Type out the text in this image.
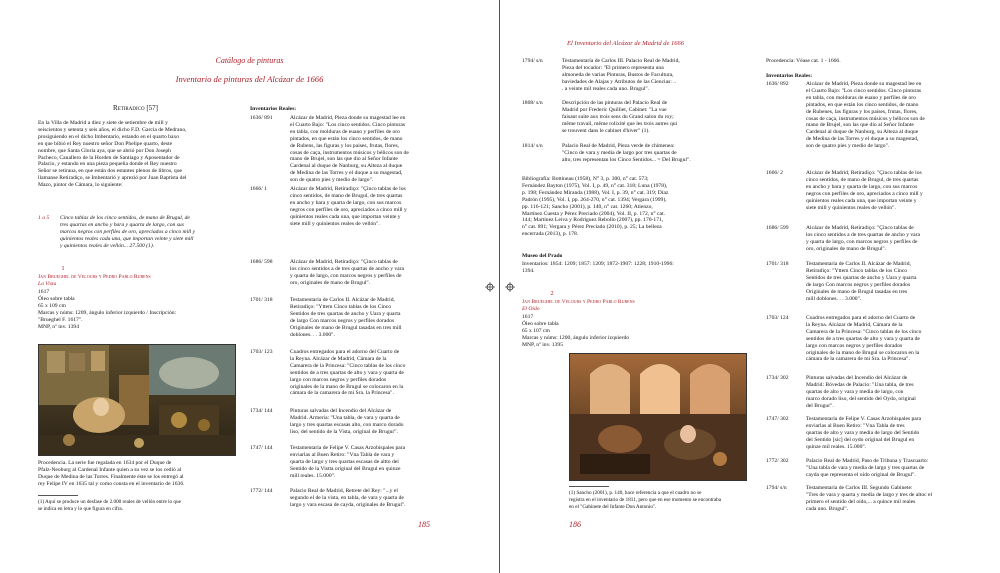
Catálogo de pinturas
Inventario de pinturas del Alcázar de 1666
Retiradico [57]
En la Villa de Madrid a diez y siete de setiembre de mill y
seiscientos y setenta y seis años, el dicho F.D. Garcia de Medrano,
prosiguiendo en el dicho Imbentario, estando en el quarto baxo
en que bibió el Rey nuestro señor Don Phelipe quarto, deste
nombre, que Santa Gloria aya, que se abrió por Don Joseph
Pacheco, Cauallero de la Horden de Santiago y Aposentador de
Palacio, y estando en una pieza pequeña donde el Rey nuestro
Señor se retiraua, en que están dos estantes plenos de libros, que
llamanse Retiradiço, se Imbentarió y aprezió por Juan Baptista del
Mazo, pintor de Cámara, lo siguiente:
1 a 5 Cinco tablas de los cinco sentidos, de mano de Brugul, de
tres quartas en ancho y bara y quarta de largo, con sus
marcos negros con perfiles de oro, apreciados a cinco mill y
quinientos reales cada una, que importan veinte y siete mill
y quinientos reales de vellón... 27.500 (1).
1
Jan Brueghel de Velours y Pedro Pablo Rubens
La Vista
1617
Óleo sobre tabla
65 x 109 cm
Marcas y núms: 1209, ángulo inferior izquierdo / Inscripción:
"Brueghel F. 1617".
MNP, nº inv. 1394
Procedencia. La serie fue regalada en 1634 por el Duque de
Pfalz-Neoburg al Cardenal Infante quien a su vez se los cedió al
Duque de Medina de las Torres. Finalmente éste se los entregó al
rey Felipe IV en 1635 tal y como consta en el inventario de 1636.
(1) Aquí se produce un desfase de 2.000 reales de vellón entre lo que
se indica en letra y lo que figura en cifra.
Inventarios Reales:
1636/ 891	Alcázar de Madrid, Pieza donde su magestad lee en
el Cuarto Bajo: "Los cinco sentidos. Cinco pinturas
en tabla, con molduras de euano y perfiles de oro
pintados, en que están los cinco sentidos, de mano
de Rubens, las figuras y los paises, frutas, flores,
cosas de caça, instrumentos músicos y bélicos son de
mano de Brujel, son las que dio al Señor Infante
Cardenal al duque de Nanburg, su Alteza al duque
de Medina de las Torres y el duque a su magestad,
son de quatro pies y medio de largo".
1666/ 1	Alcázar de Madrid, Retiradiço: "Çinco tablas de los
cinco sentidos, de mano de Brugul, de tres quartas
en ancho y bara y quarta de largo, con sus marcos
negros con perfiles de oro, apreciados a cinco mill y
quinientos reales cada una, que importan veinte y
siete mill y quinientos reales de vellón".
1686/ 598	Alcázar de Madrid, Retiradiço: "Çinco tablas de
los cinco sentidos a de tres quartas de ancho y vara
y quarta de largo, con marcos negros y perfiles de
oro, originales de mano de Brugul".
1701/ 318	Testamentaría de Carlos II. Alcázar de Madrid,
Retiradiço: "Yttem Cinco tablas de los Cinco
Sentidos de tres quartas de ancho y Uara y quarta
de largo Con marcos negros y perfiles dorados
Originales de mano de Brugul tasadas en tres mill
doblones. . . 3.000".
1703/ 123	Cuadros entregados para el adorno del Cuarto de
la Reyna. Alcázar de Madrid, Cámara de la
Camarera de la Princesa: "Cinco tablas de los cinco
sentidos de a tres quartas de alto y vara y quarta de
largo con marcos negros y perfiles dorados
originales de la mano de Brugul se colocaron en la
cámara de la camarera de mi Sra. la Princesa".
1734/ 144	Pinturas salvadas del Incendio del Alcázar de
Madrid. Armería: "Una tabla, de vara y quarta de
largo y tres quartas escasas alto, con marco dorado
liso, del sentido de la Vista, original de Brugur".
1747/ 144	Testamentaría de Felipe V. Casas Arzobispales para
enviarlas al Buen Retiro: "Vna Tabla de vara y
quarta de largo y tres quartas escasas de altto del
Sentido de la Vistta original del Brugul en quinze
mill reales. 15.000".
1772/ 144	Palacio Real de Madrid, Retrete del Rey: "...y el
segundo el de la vista, en tabla, de vara y quarta de
largo y vara escasa de cayda, originales de Brugul".
185
El Inventario del Alcázar de Madrid de 1666
1794/ s/n	Testamentaría de Carlos III. Palacio Real de Madrid,
Pieza del tocador: "El primero representa una
almoneda de varias Pinturas, Bustos de Facultura,
baviedades de Alajas y Atributos de las Ciencias: ..
. a veinte mil reales cada uno. Brugul".
1808/ s/n	Descripción de las pinturas del Palacio Real de
Madrid por Frederic Quilliet, Cabinet: "La vue
faisant suite aux trois sens du Grand salon du roy;
même travail, même rolixité que les trois autres qui
se trouvent dans le cabinet d'hiver" (1).
1814/ s/n	Palacio Real de Madrid, Pieza verde de chimenea:
"Cinco de vara y media de largo por tres quartas de
alto, tres representan los Cinco Sentidos... = Del Brugul".
Bibliografía: Bottineau (1958), N° 3, p. 300, n° cat. 573;
Fernández Bayton (1975), Vol. I, p. 49, n° cat. 318; Luna (1978),
p. 198; Fernández Miranda (1988), Vol. I, p. 39, n° cat. 319; Díaz
Padrón (1995), Vol. I, pp. 264-270, n° cat. 1394; Vergara (1999),
pp. 116-121; Sancho (2001), p. 140, n° cat. 1260; Atienzo,
Martínez Cuesta y Pérez Preciado (2004), Vol. II, p. 172, n° cat.
144; Martínez Leiva y Rodríguez Rebollo (2007), pp. 170-171,
n° cat. 891; Vergara y Pérez Preciado (2010), p. 25; La belleza
encerrada (2013), p. 178.
Museo del Prado
Inventarios: 1854: 1209; 1857: 1209; 1872-1907: 1228; 1910-1996:
1394.
2
Jan Brueghel de Velours y Pedro Pablo Rubens
El Oído
1617
Óleo sobre tabla
65 x 107 cm
Marcas y núms: 1200, ángulo inferior izquierdo
MNP, nº inv. 1395
(1) Sancho (2001), p. 140, hace referencia a que el cuadro no se
registra en el inventario de 1811, pero que en ese momento se encontraba
en el "Gabinete del Infante Don Antonio".
Procedencia: Véase cat. 1 - 1666.
Inventarios Reales:
1636/ 892	Alcázar de Madrid, Pieza donde su magestad lee en
el Cuarto Bajo: "Los cinco sentidos. Cinco pinturas
en tabla, con molduras de euano y perfiles de oro
pintados, en que están los cinco sentidos, de mano
de Rubenes, las figuras y los paises, frutas, flores,
cosas de caça, instrumentos músicos y bélicos son de
mano de Brujel, son las que dio al Señor Infante
Cardenal al duque de Nanburg, su Alteza al duque
de Medina de las Torres y el duque a su magestad,
son de quatro pies y medio de largo".
1666/ 2	Alcázar de Madrid, Retiradiço: "Çinco tablas de los
cinco sentidos, de mano de Brugul, de tres quartas
en ancho y bara y quarta de largo, con sus marcos
negros con perfiles de oro, apreciados a cinco mill y
quinientos reales cada una, que importan veinte y
siete mill y quinientos reales de vellón".
1686/ 599	Alcázar de Madrid, Retiradiço: "Çinco tablas de
los cinco sentidos a de tres quartas de ancho y vara
y quarta de largo, con marcos negros y perfiles de
oro, originales de mano de Brugul".
1701/ 318	Testamentaría de Carlos II. Alcázar de Madrid,
Retiradiço: "Yttem Cinco tablas de los Cinco
Sentidos de tres quartas de ancho y Uara y quarta
de largo Con marcos negros y perfiles dorados
Originales de mano de Brugul tasadas en tres
mill doblones. . . 3.000".
1703/ 124	Cuadros entregados para el adorno del Cuarto de
la Reyna. Alcázar de Madrid, Cámara de la
Camarera de la Princesa: "Cinco tablas de los cinco
sentidos de a tres quartas de alto y vara y quarta de
largo con marcos negros y perfiles dorados
originales de la mano de Brugul se colocaron en la
cámara de la camarera de mi Sra. la Princesa".
1734/ 302	Pinturas salvadas del Incendio del Alcázar de
Madrid: Bóvedas de Palacio: "Una tabla, de tres
quartas de alto y vara y media de largo, con
marco dorado liso, del sentido del Oydo, original
del Brugur".
1747/ 302	Testamentaría de Felipe V. Casas Arzobispales para
enviarlas al Buen Retiro: "Vna Tabla de tres
quartas de alto y vara y media de largo del Sentido
del Sentido [sic] del oydo original del Brugul en
quinze mil reales. 15.000".
1772/ 302	Palacio Real de Madrid, Paso de Tribuna y Trascuarto:
"Una tabla de vara y media de largo y tres quartas de
cayda que representa el oído original de Brugul".
1794/ s/n	Testamentaría de Carlos III. Segundo Gabinete:
"Tres de vara y quarta y media de largo y tres de altoc el
primero el sentido del oído,... a quince mil reales
cada uno. Brugul".
186
